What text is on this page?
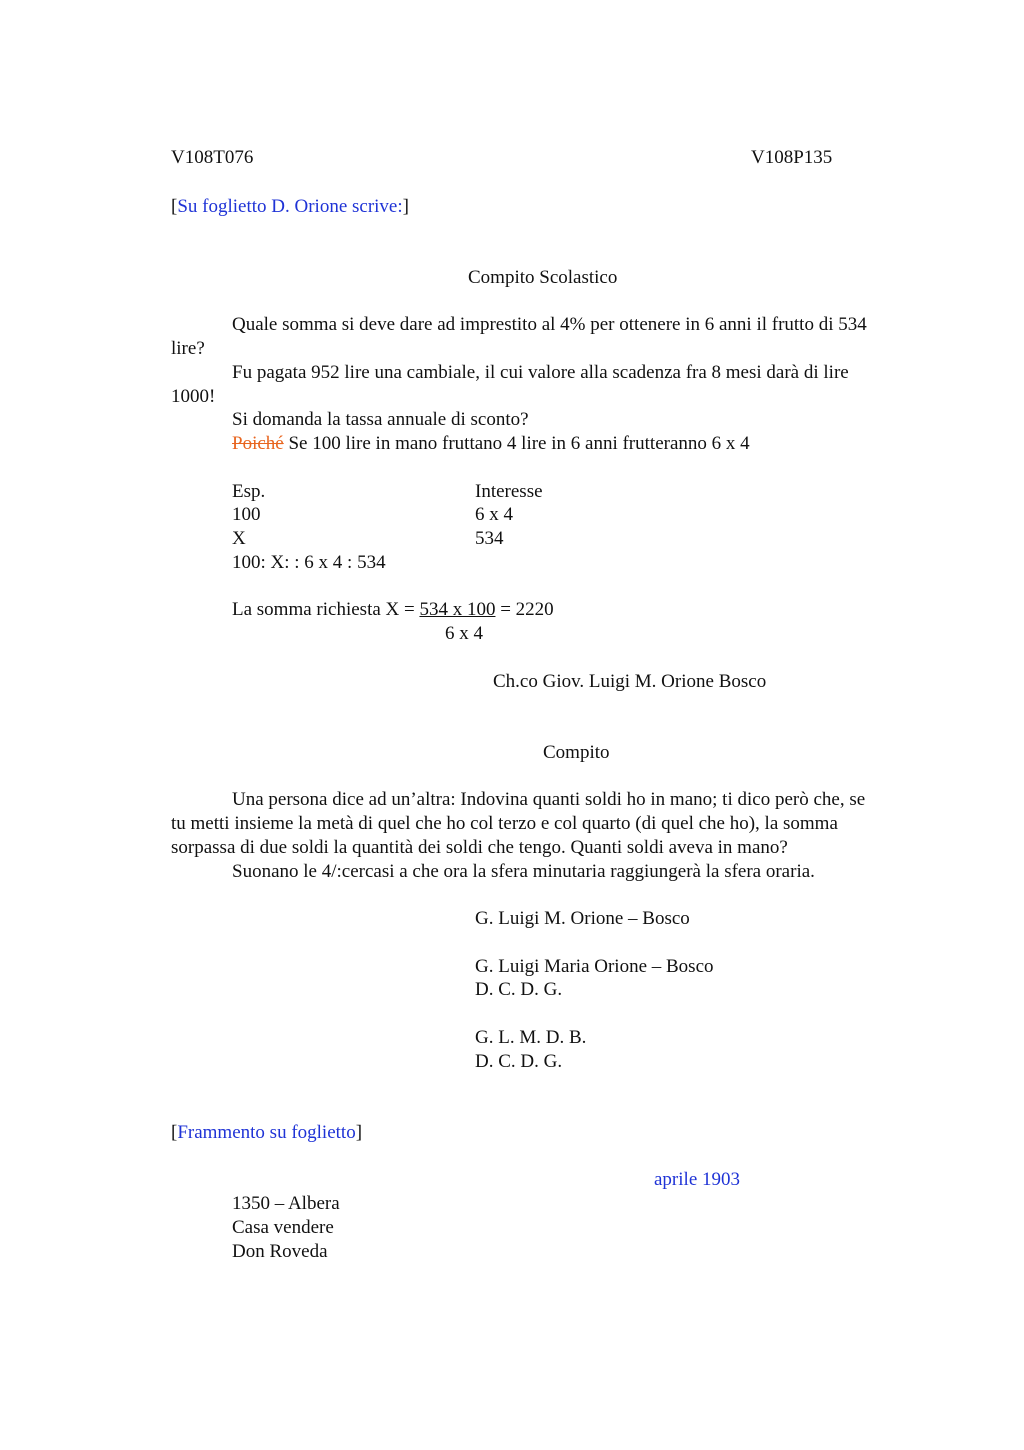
V108T076	V108P135
[Su foglietto D. Orione scrive:]
Compito Scolastico
Quale somma si deve dare ad imprestito al 4% per ottenere in 6 anni il frutto di 534
lire?
Fu pagata 952 lire una cambiale, il cui valore alla scadenza fra 8 mesi darà di lire
1000!
Si domanda la tassa annuale di sconto?
Poiché Se 100 lire in mano fruttano 4 lire in 6 anni frutteranno 6 x 4
Esp.	Interesse
100	6 x 4
X	534
100: X: : 6 x 4 : 534
La somma richiesta X = 534 x 100 = 2220
6 x 4
Ch.co Giov. Luigi M. Orione Bosco
Compito
Una persona dice ad un’altra: Indovina quanti soldi ho in mano; ti dico però che, se
tu metti insieme la metà di quel che ho col terzo e col quarto (di quel che ho), la somma
sorpassa di due soldi la quantità dei soldi che tengo. Quanti soldi aveva in mano?
Suonano le 4/:cercasi a che ora la sfera minutaria raggiungerà la sfera oraria.
G. Luigi M. Orione – Bosco
G. Luigi Maria Orione – Bosco
D. C. D. G.
G. L. M. D. B.
D. C. D. G.
[Frammento su foglietto]
aprile 1903
1350 – Albera
Casa vendere
Don Roveda
